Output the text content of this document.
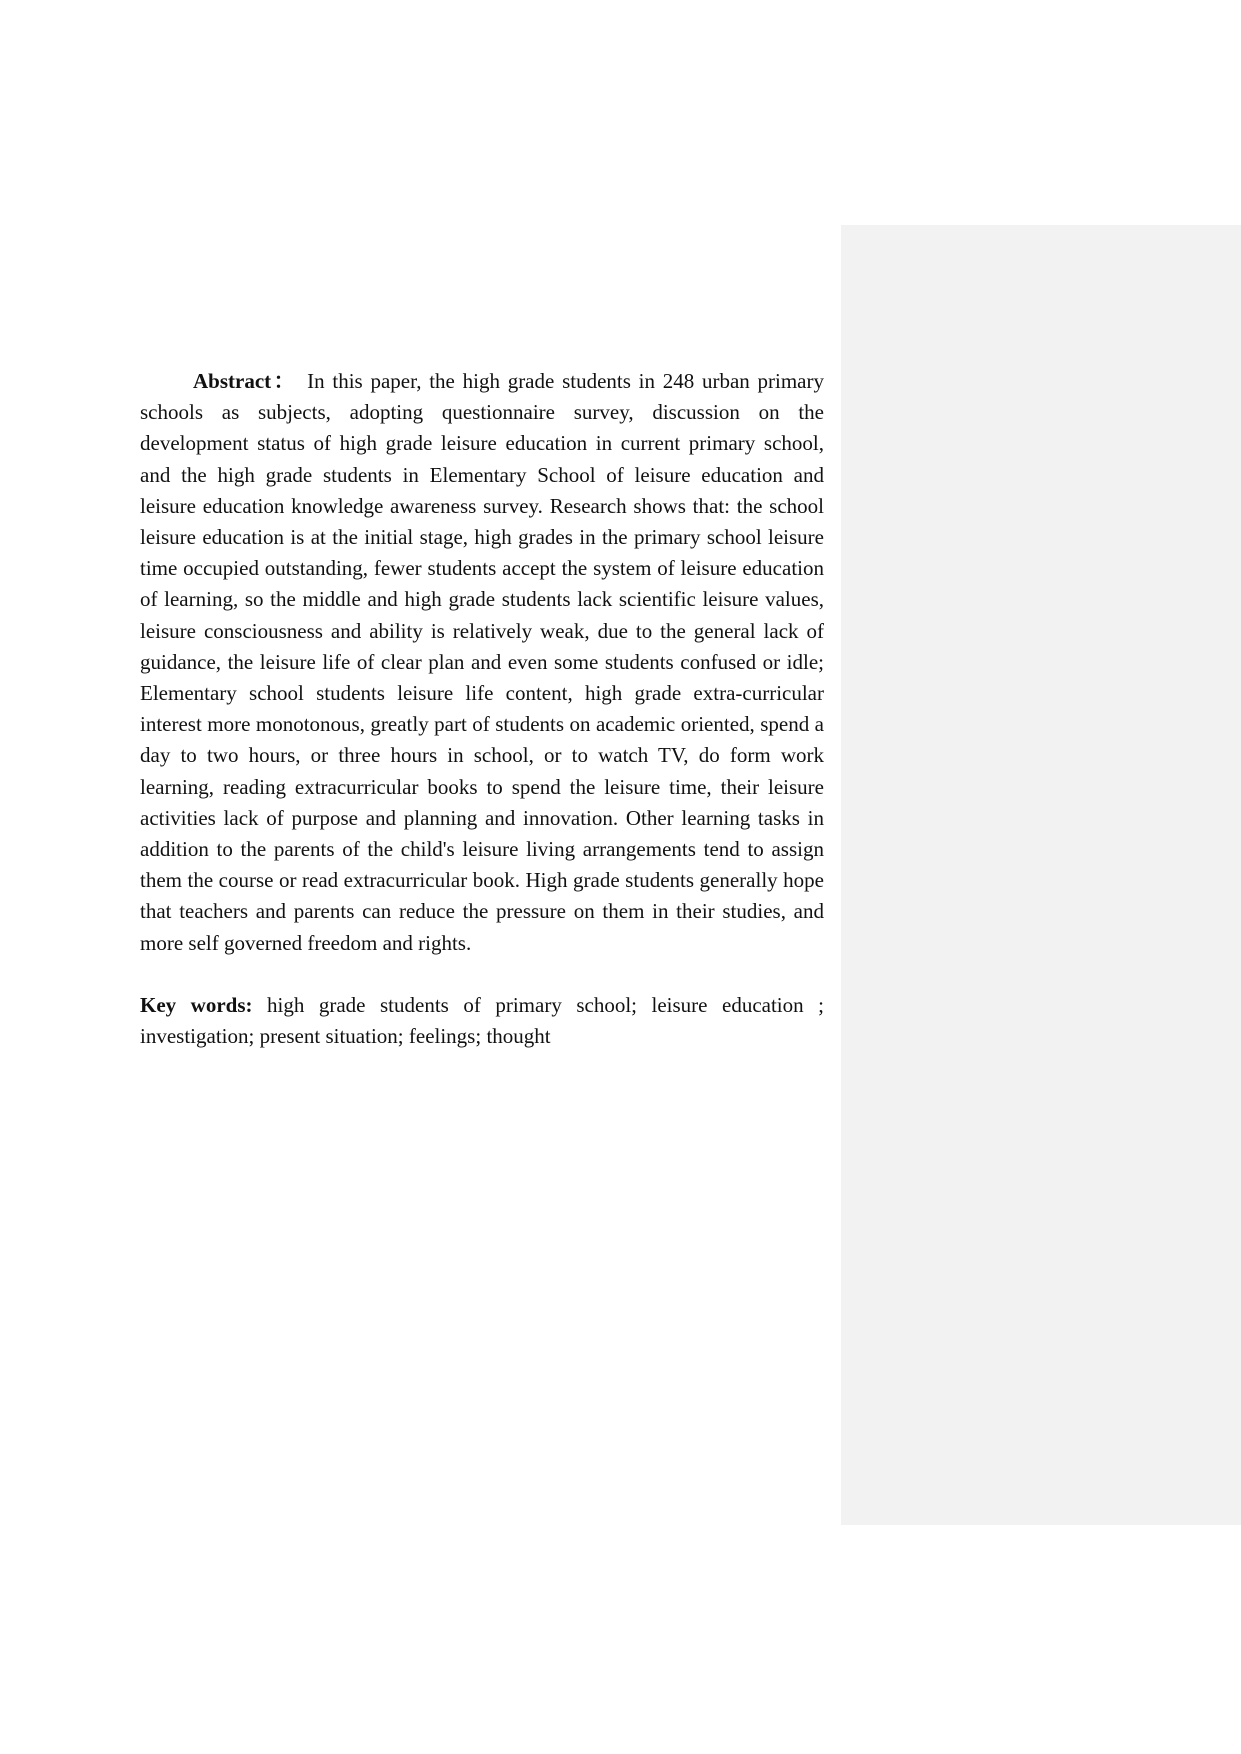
Abstract： In this paper, the high grade students in 248 urban primary schools as subjects, adopting questionnaire survey, discussion on the development status of high grade leisure education in current primary school, and the high grade students in Elementary School of leisure education and leisure education knowledge awareness survey. Research shows that: the school leisure education is at the initial stage, high grades in the primary school leisure time occupied outstanding, fewer students accept the system of leisure education of learning, so the middle and high grade students lack scientific leisure values, leisure consciousness and ability is relatively weak, due to the general lack of guidance, the leisure life of clear plan and even some students confused or idle; Elementary school students leisure life content, high grade extra-curricular interest more monotonous, greatly part of students on academic oriented, spend a day to two hours, or three hours in school, or to watch TV, do form work learning, reading extracurricular books to spend the leisure time, their leisure activities lack of purpose and planning and innovation. Other learning tasks in addition to the parents of the child's leisure living arrangements tend to assign them the course or read extracurricular book. High grade students generally hope that teachers and parents can reduce the pressure on them in their studies, and more self governed freedom and rights.

Key words: high grade students of primary school; leisure education ; investigation; present situation; feelings; thought
